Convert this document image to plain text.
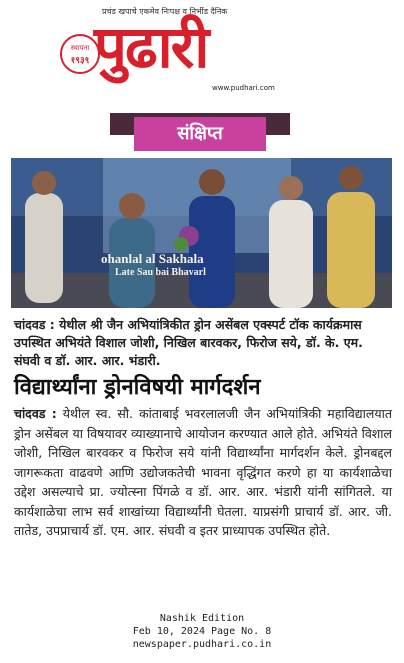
प्रचंड खपाचे एकमेव निःपक्ष व निर्भीड दैनिक
स्थापना
१९३९ पुढारी
www.pudhari.com
संक्षिप्त
ohanlal al Sakhala
Late Sau bai Bhavarl

चांदवड : येथील श्री जैन अभियांत्रिकीत ड्रोन असेंबल एक्स्पर्ट टॉक कार्यक्रमास उपस्थित अभियंते विशाल जोशी, निखिल बारवकर, फिरोज सये, डॉ. के. एम. संघवी व डॉ. आर. आर. भंडारी.

विद्यार्थ्यांना ड्रोनविषयी मार्गदर्शन

चांदवड : येथील स्व. सौ. कांताबाई भवरलालजी जैन अभियांत्रिकी महाविद्यालयात ड्रोन असेंबल या विषयावर व्याख्यानाचे आयोजन करण्यात आले होते. अभियंते विशाल जोशी, निखिल बारवकर व फिरोज सये यांनी विद्यार्थ्यांना मार्गदर्शन केले. ड्रोनबद्दल जागरूकता वाढवणे आणि उद्योजकतेची भावना वृद्धिंगत करणे हा या कार्यशाळेचा उद्देश असल्याचे प्रा. ज्योत्स्ना पिंगळे व डॉ. आर. आर. भंडारी यांनी सांगितले. या कार्यशाळेचा लाभ सर्व शाखांच्या विद्यार्थ्यांनी घेतला. याप्रसंगी प्राचार्य डॉ. आर. जी. तातेड, उपप्राचार्य डॉ. एम. आर. संघवी व इतर प्राध्यापक उपस्थित होते.

Nashik Edition
Feb 10, 2024 Page No. 8
newspaper.pudhari.co.in
